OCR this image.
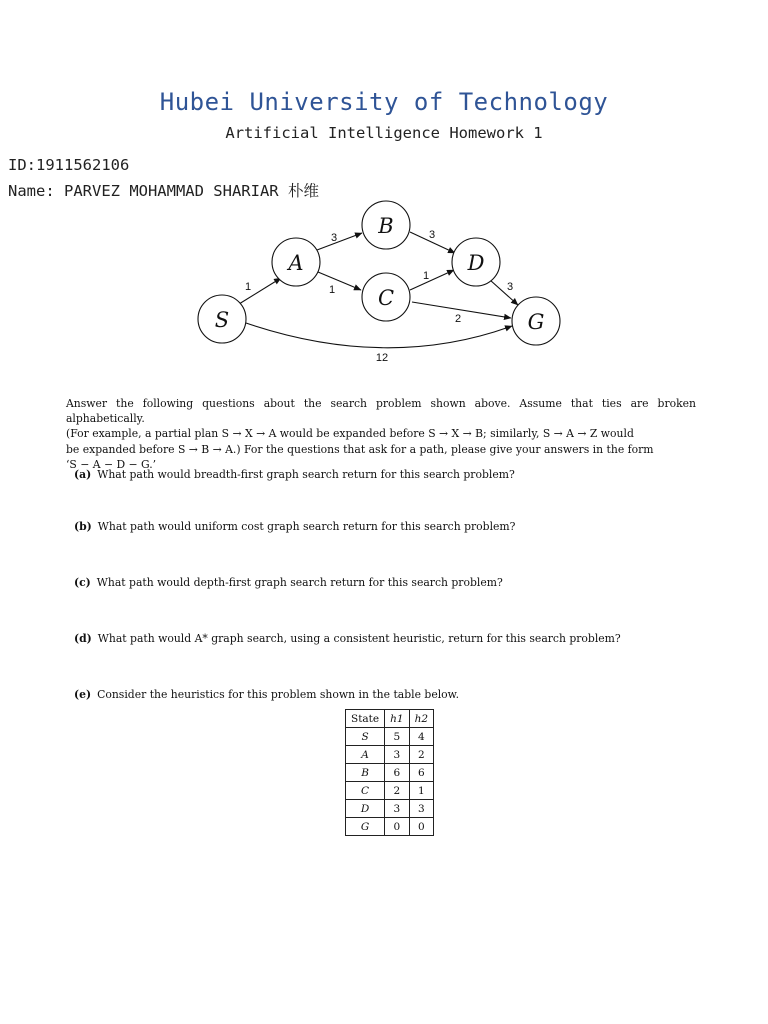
Hubei University of Technology
Artificial Intelligence Homework 1
ID:1911562106
Name: PARVEZ MOHAMMAD SHARIAR 朴维
S
A
B
C
D
G
1
3
1
3
1
3
2
12
Answer the following questions about the search problem shown above. Assume that ties are broken alphabetically.
(For example, a partial plan S → X → A would be expanded before S → X → B; similarly, S → A → Z would
be expanded before S → B → A.) For the questions that ask for a path, please give your answers in the form
‘S − A − D − G.’
(a) What path would breadth-first graph search return for this search problem?
(b) What path would uniform cost graph search return for this search problem?
(c) What path would depth-first graph search return for this search problem?
(d) What path would A* graph search, using a consistent heuristic, return for this search problem?
(e) Consider the heuristics for this problem shown in the table below.
State	h1	h2
S	5	4
A	3	2
B	6	6
C	2	1
D	3	3
G	0	0
